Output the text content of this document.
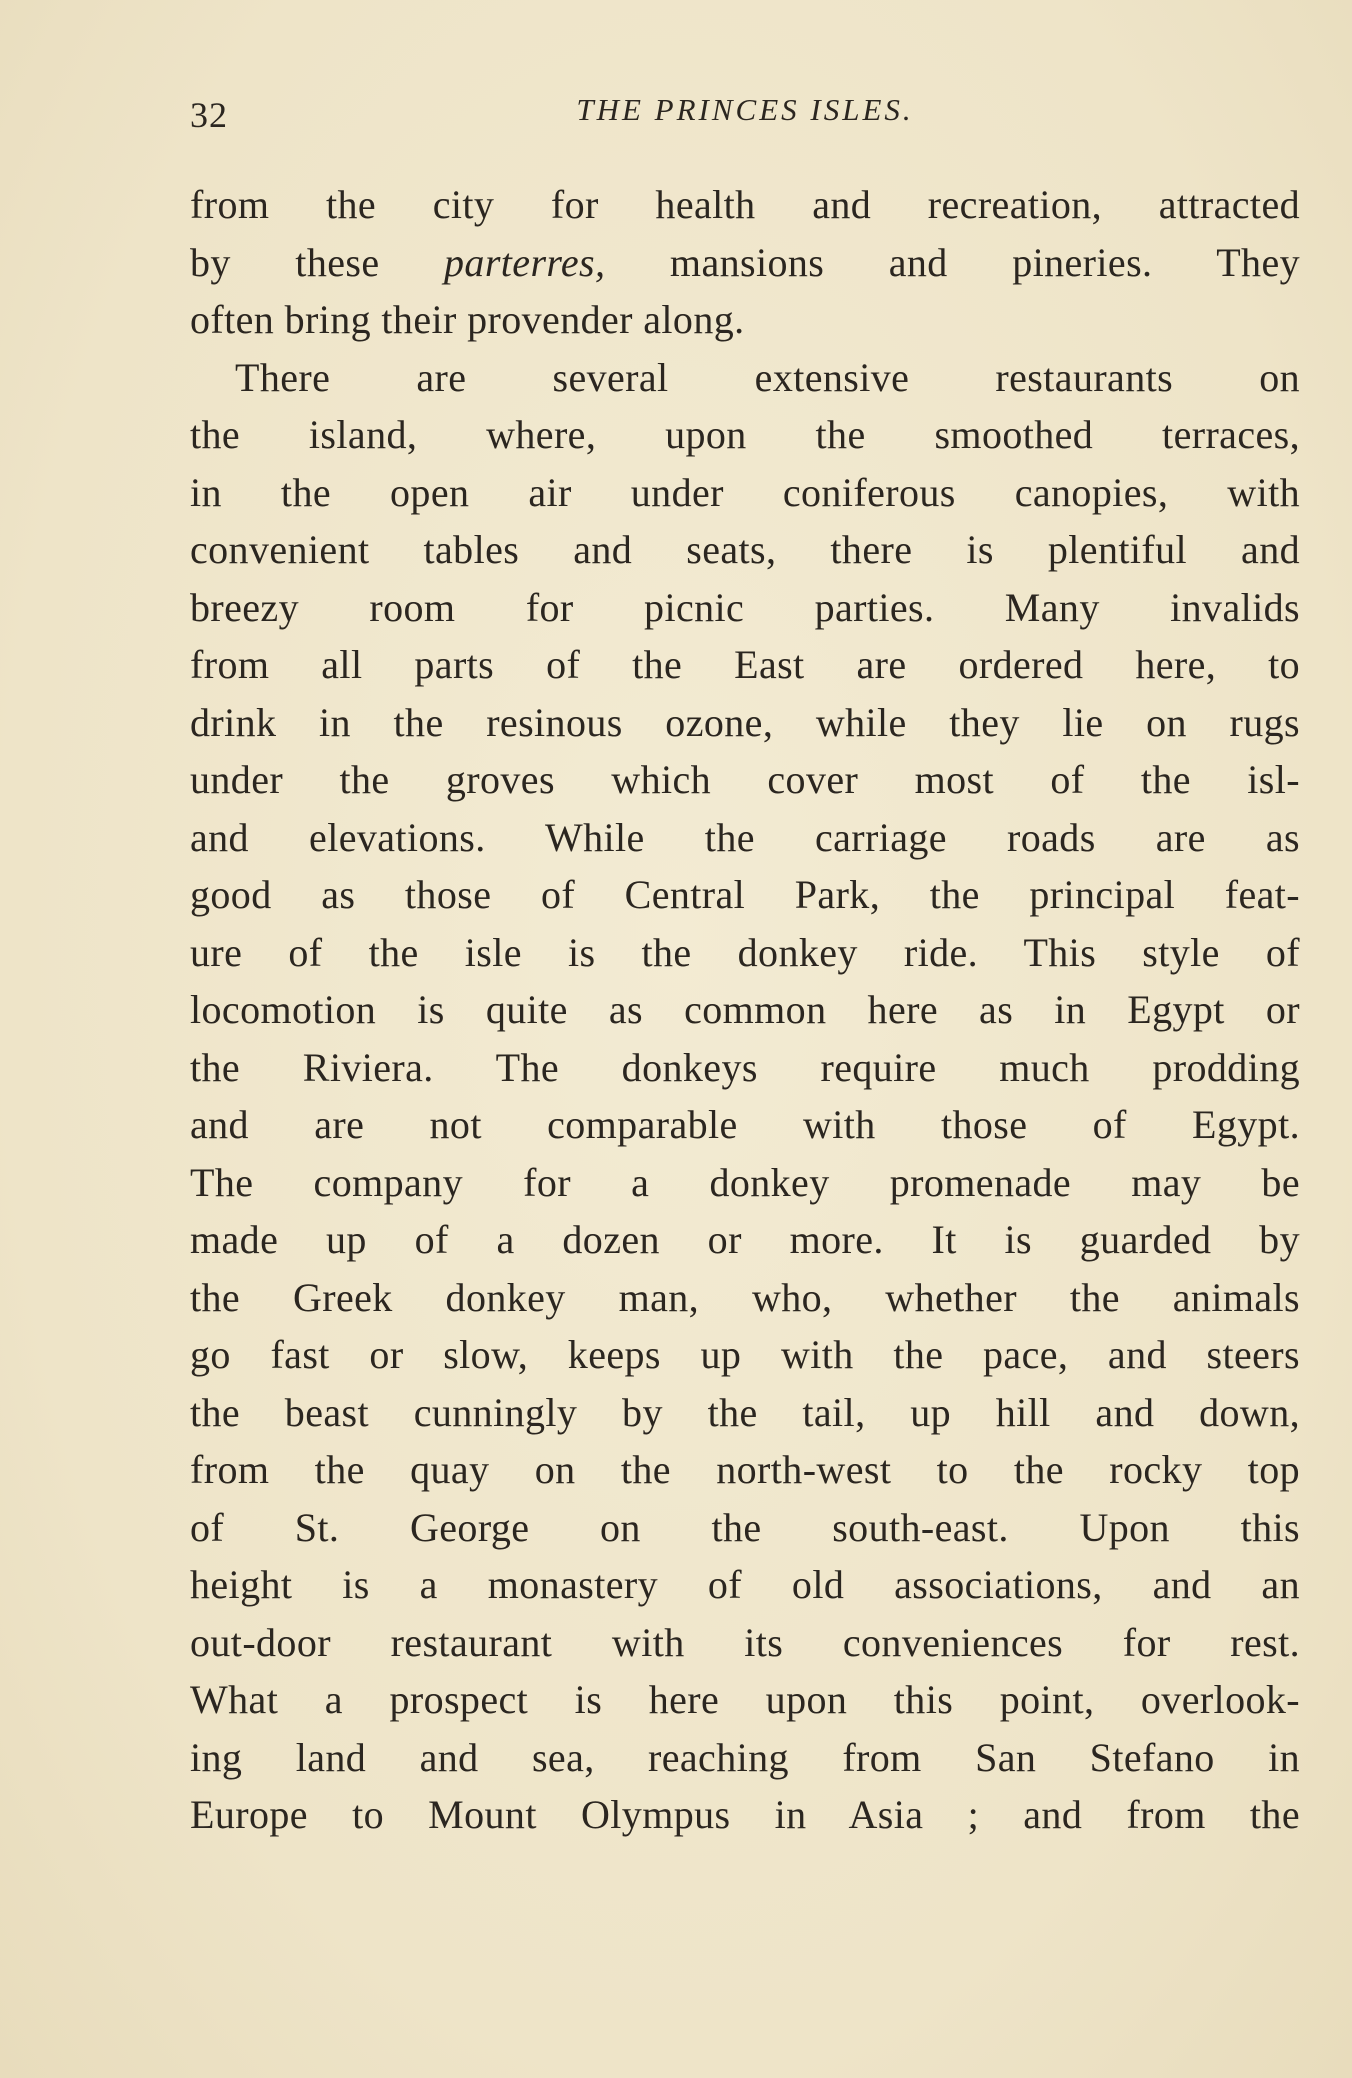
32	THE PRINCES ISLES.
from the city for health and recreation, attracted
by these parterres, mansions and pineries. They
often bring their provender along.
There are several extensive restaurants on
the island, where, upon the smoothed terraces,
in the open air under coniferous canopies, with
convenient tables and seats, there is plentiful and
breezy room for picnic parties. Many invalids
from all parts of the East are ordered here, to
drink in the resinous ozone, while they lie on rugs
under the groves which cover most of the isl-
and elevations. While the carriage roads are as
good as those of Central Park, the principal feat-
ure of the isle is the donkey ride. This style of
locomotion is quite as common here as in Egypt or
the Riviera. The donkeys require much prodding
and are not comparable with those of Egypt.
The company for a donkey promenade may be
made up of a dozen or more. It is guarded by
the Greek donkey man, who, whether the animals
go fast or slow, keeps up with the pace, and steers
the beast cunningly by the tail, up hill and down,
from the quay on the north-west to the rocky top
of St. George on the south-east. Upon this
height is a monastery of old associations, and an
out-door restaurant with its conveniences for rest.
What a prospect is here upon this point, overlook-
ing land and sea, reaching from San Stefano in
Europe to Mount Olympus in Asia ; and from the
